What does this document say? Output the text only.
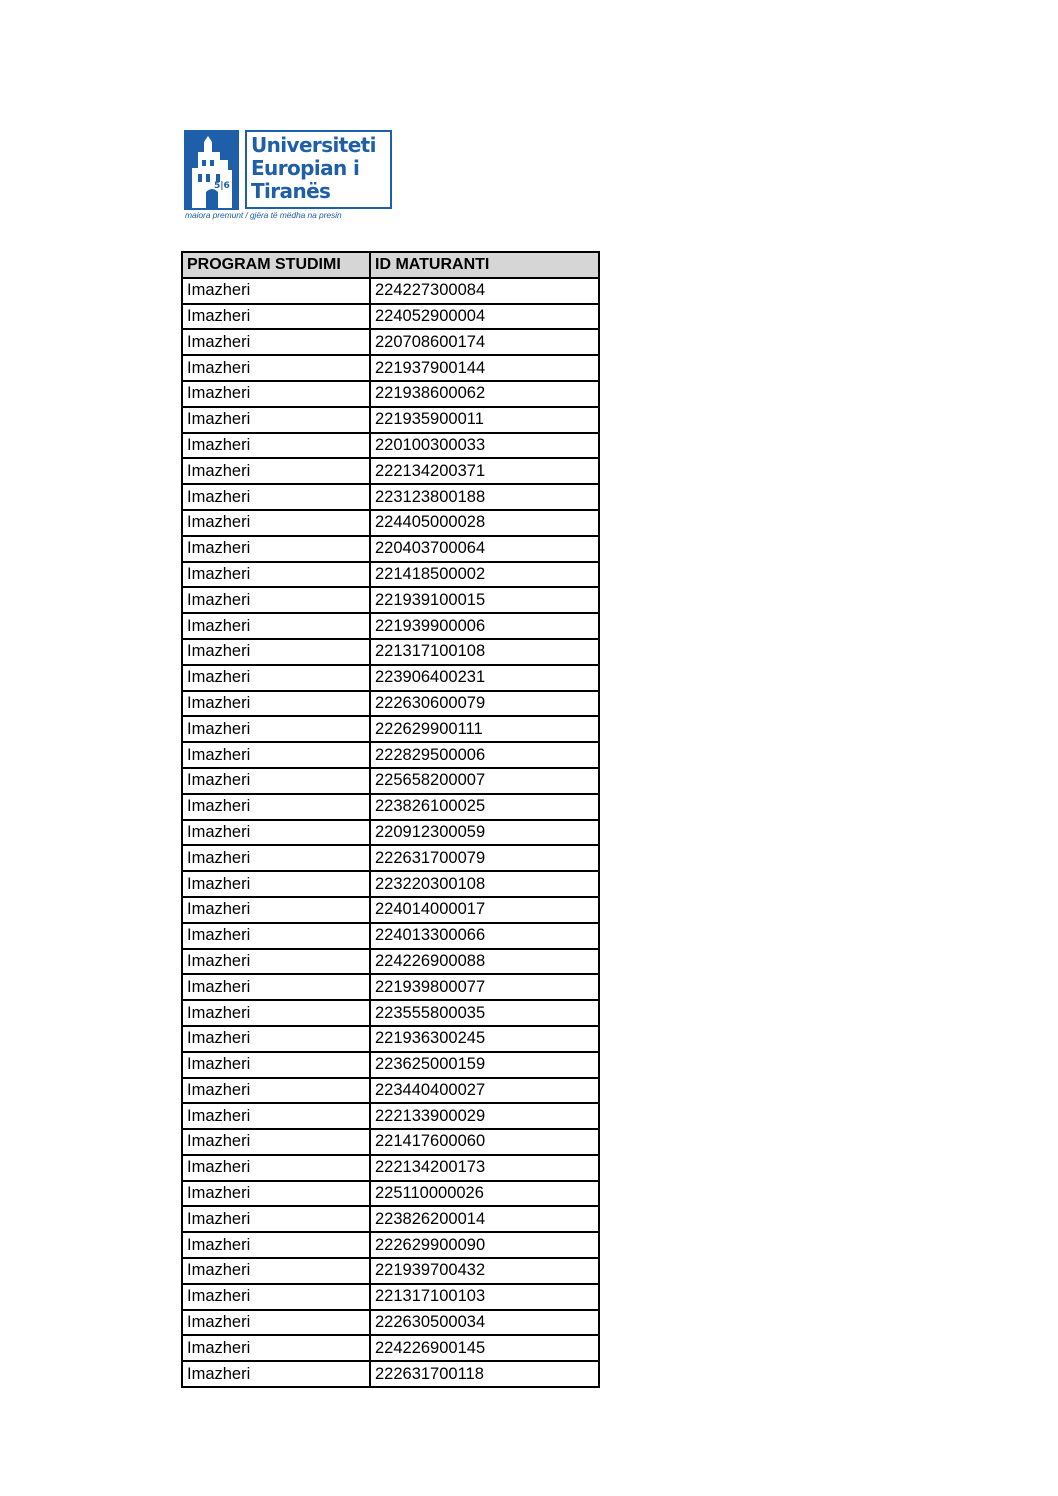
5|6
Universiteti
Europian i
Tiranës
maiora premunt / gjëra të mëdha na presin
PROGRAM STUDIMI	ID MATURANTI
Imazheri	224227300084
Imazheri	224052900004
Imazheri	220708600174
Imazheri	221937900144
Imazheri	221938600062
Imazheri	221935900011
Imazheri	220100300033
Imazheri	222134200371
Imazheri	223123800188
Imazheri	224405000028
Imazheri	220403700064
Imazheri	221418500002
Imazheri	221939100015
Imazheri	221939900006
Imazheri	221317100108
Imazheri	223906400231
Imazheri	222630600079
Imazheri	222629900111
Imazheri	222829500006
Imazheri	225658200007
Imazheri	223826100025
Imazheri	220912300059
Imazheri	222631700079
Imazheri	223220300108
Imazheri	224014000017
Imazheri	224013300066
Imazheri	224226900088
Imazheri	221939800077
Imazheri	223555800035
Imazheri	221936300245
Imazheri	223625000159
Imazheri	223440400027
Imazheri	222133900029
Imazheri	221417600060
Imazheri	222134200173
Imazheri	225110000026
Imazheri	223826200014
Imazheri	222629900090
Imazheri	221939700432
Imazheri	221317100103
Imazheri	222630500034
Imazheri	224226900145
Imazheri	222631700118
